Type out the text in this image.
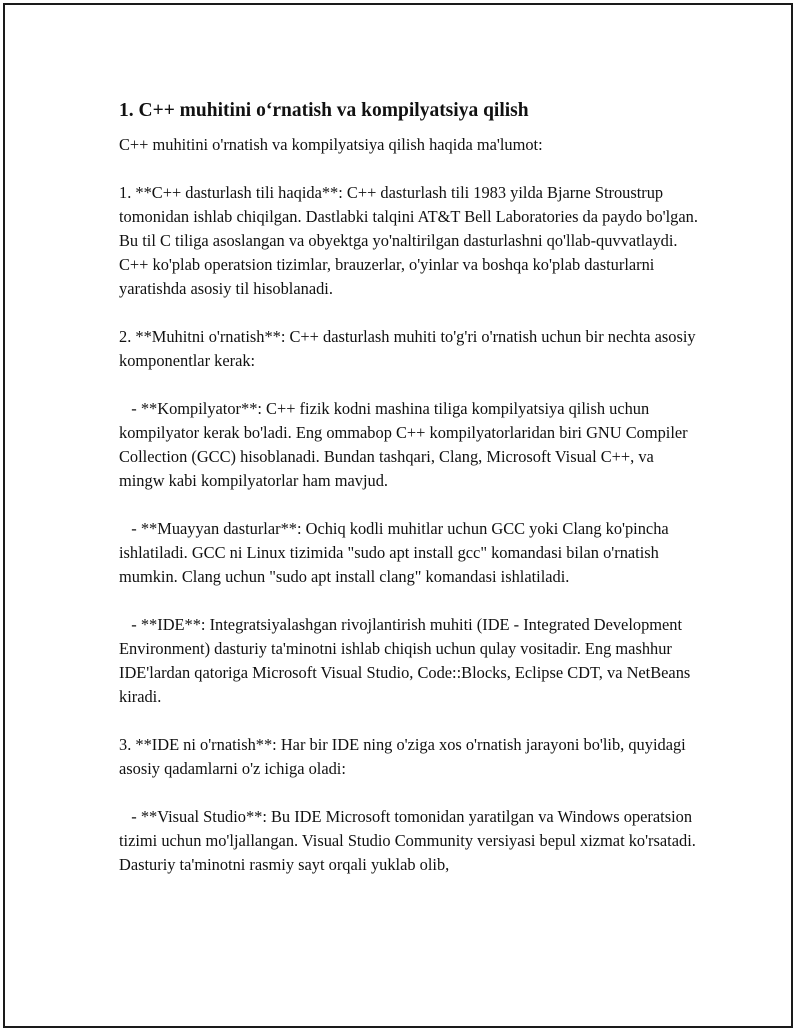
1. C++ muhitini o‘rnatish va kompilyatsiya qilish

C++ muhitini o'rnatish va kompilyatsiya qilish haqida ma'lumot:

1. **C++ dasturlash tili haqida**: C++ dasturlash tili 1983 yilda Bjarne Stroustrup tomonidan ishlab chiqilgan. Dastlabki talqini AT&T Bell Laboratories da paydo bo'lgan. Bu til C tiliga asoslangan va obyektga yo'naltirilgan dasturlashni qo'llab-quvvatlaydi. C++ ko'plab operatsion tizimlar, brauzerlar, o'yinlar va boshqa ko'plab dasturlarni yaratishda asosiy til hisoblanadi.

2. **Muhitni o'rnatish**: C++ dasturlash muhiti to'g'ri o'rnatish uchun bir nechta asosiy komponentlar kerak:

- **Kompilyator**: C++ fizik kodni mashina tiliga kompilyatsiya qilish uchun kompilyator kerak bo'ladi. Eng ommabop C++ kompilyatorlaridan biri GNU Compiler Collection (GCC) hisoblanadi. Bundan tashqari, Clang, Microsoft Visual C++, va mingw kabi kompilyatorlar ham mavjud.

- **Muayyan dasturlar**: Ochiq kodli muhitlar uchun GCC yoki Clang ko'pincha ishlatiladi. GCC ni Linux tizimida "sudo apt install gcc" komandasi bilan o'rnatish mumkin. Clang uchun "sudo apt install clang" komandasi ishlatiladi.

- **IDE**: Integratsiyalashgan rivojlantirish muhiti (IDE - Integrated Development Environment) dasturiy ta'minotni ishlab chiqish uchun qulay vositadir. Eng mashhur IDE'lardan qatoriga Microsoft Visual Studio, Code::Blocks, Eclipse CDT, va NetBeans kiradi.

3. **IDE ni o'rnatish**: Har bir IDE ning o'ziga xos o'rnatish jarayoni bo'lib, quyidagi asosiy qadamlarni o'z ichiga oladi:

- **Visual Studio**: Bu IDE Microsoft tomonidan yaratilgan va Windows operatsion tizimi uchun mo'ljallangan. Visual Studio Community versiyasi bepul xizmat ko'rsatadi. Dasturiy ta'minotni rasmiy sayt orqali yuklab olib,
